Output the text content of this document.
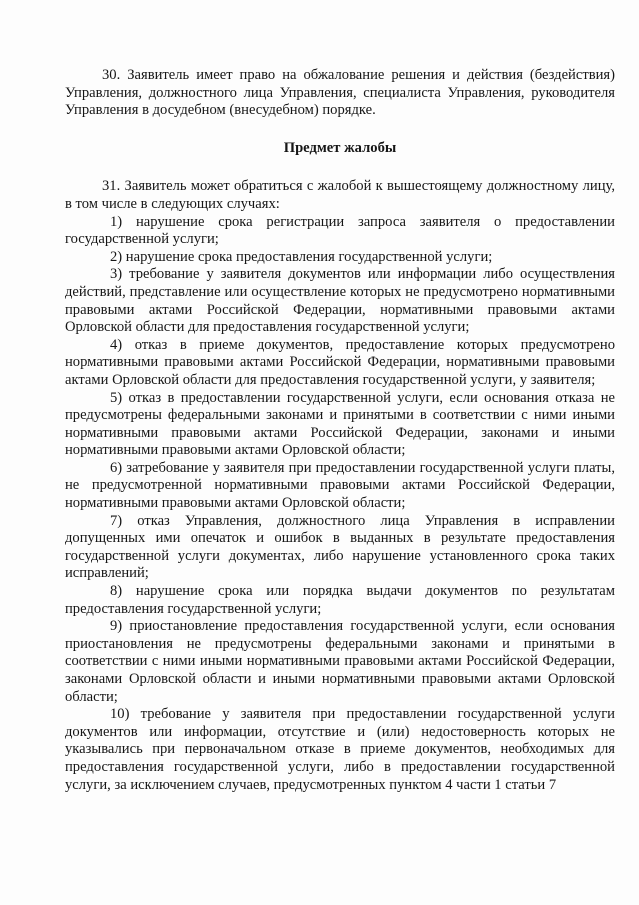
30. Заявитель имеет право на обжалование решения и действия (бездействия) Управления, должностного лица Управления, специалиста Управления, руководителя Управления в досудебном (внесудебном) порядке.

Предмет жалобы

31. Заявитель может обратиться с жалобой к вышестоящему должностному лицу, в том числе в следующих случаях:

1) нарушение срока регистрации запроса заявителя о предоставлении государственной услуги;

2) нарушение срока предоставления государственной услуги;

3) требование у заявителя документов или информации либо осуществления действий, представление или осуществление которых не предусмотрено нормативными правовыми актами Российской Федерации, нормативными правовыми актами Орловской области для предоставления государственной услуги;

4) отказ в приеме документов, предоставление которых предусмотрено нормативными правовыми актами Российской Федерации, нормативными правовыми актами Орловской области для предоставления государственной услуги, у заявителя;

5) отказ в предоставлении государственной услуги, если основания отказа не предусмотрены федеральными законами и принятыми в соответствии с ними иными нормативными правовыми актами Российской Федерации, законами и иными нормативными правовыми актами Орловской области;

6) затребование у заявителя при предоставлении государственной услуги платы, не предусмотренной нормативными правовыми актами Российской Федерации, нормативными правовыми актами Орловской области;

7) отказ Управления, должностного лица Управления в исправлении допущенных ими опечаток и ошибок в выданных в результате предоставления государственной услуги документах, либо нарушение установленного срока таких исправлений;

8) нарушение срока или порядка выдачи документов по результатам предоставления государственной услуги;

9) приостановление предоставления государственной услуги, если основания приостановления не предусмотрены федеральными законами и принятыми в соответствии с ними иными нормативными правовыми актами Российской Федерации, законами Орловской области и иными нормативными правовыми актами Орловской области;

10) требование у заявителя при предоставлении государственной услуги документов или информации, отсутствие и (или) недостоверность которых не указывались при первоначальном отказе в приеме документов, необходимых для предоставления государственной услуги, либо в предоставлении государственной услуги, за исключением случаев, предусмотренных пунктом 4 части 1 статьи 7
